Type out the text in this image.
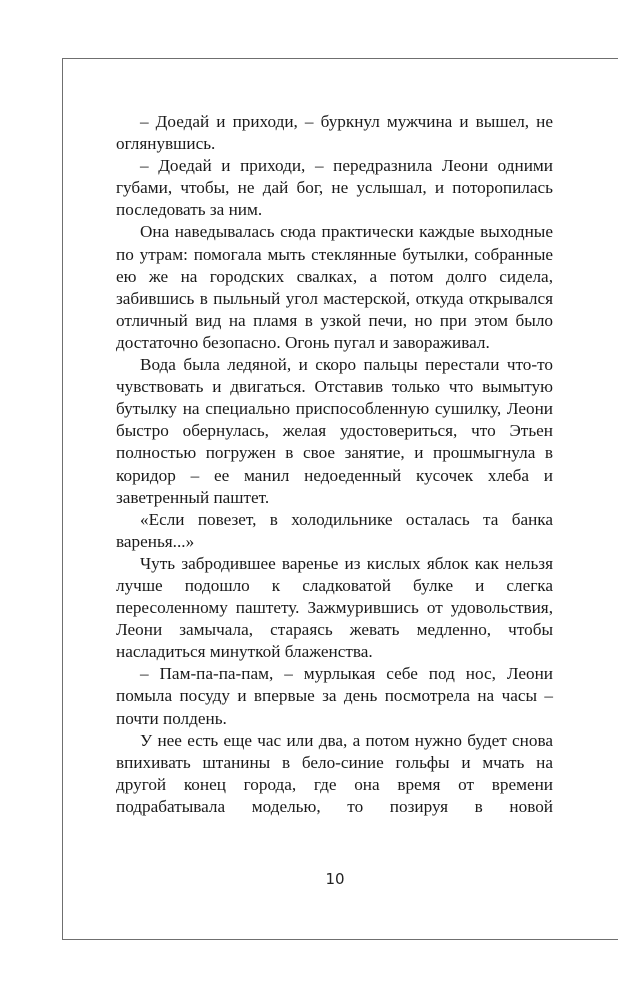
– Доедай и приходи, – буркнул мужчина и вышел, не оглянувшись.

– Доедай и приходи, – передразнила Леони одними губами, чтобы, не дай бог, не услышал, и поторопилась последовать за ним.

Она наведывалась сюда практически каждые выходные по утрам: помогала мыть стеклянные бутылки, собранные ею же на городских свалках, а потом долго сидела, забившись в пыльный угол мастерской, откуда открывался отличный вид на пламя в узкой печи, но при этом было достаточно безопасно. Огонь пугал и завораживал.

Вода была ледяной, и скоро пальцы перестали что-то чувствовать и двигаться. Отставив только что вымытую бутылку на специально приспособленную сушилку, Леони быстро обернулась, желая удостовериться, что Этьен полностью погружен в свое занятие, и прошмыгнула в коридор – ее манил недоеденный кусочек хлеба и заветренный паштет.

«Если повезет, в холодильнике осталась та банка варенья...»

Чуть забродившее варенье из кислых яблок как нельзя лучше подошло к сладковатой булке и слегка пересоленному паштету. Зажмурившись от удовольствия, Леони замычала, стараясь жевать медленно, чтобы насладиться минуткой блаженства.

– Пам-па-па-пам, – мурлыкая себе под нос, Леони помыла посуду и впервые за день посмотрела на часы – почти полдень.

У нее есть еще час или два, а потом нужно будет снова впихивать штанины в бело-синие гольфы и мчать на другой конец города, где она время от времени подрабатывала моделью, то позируя в новой

10
